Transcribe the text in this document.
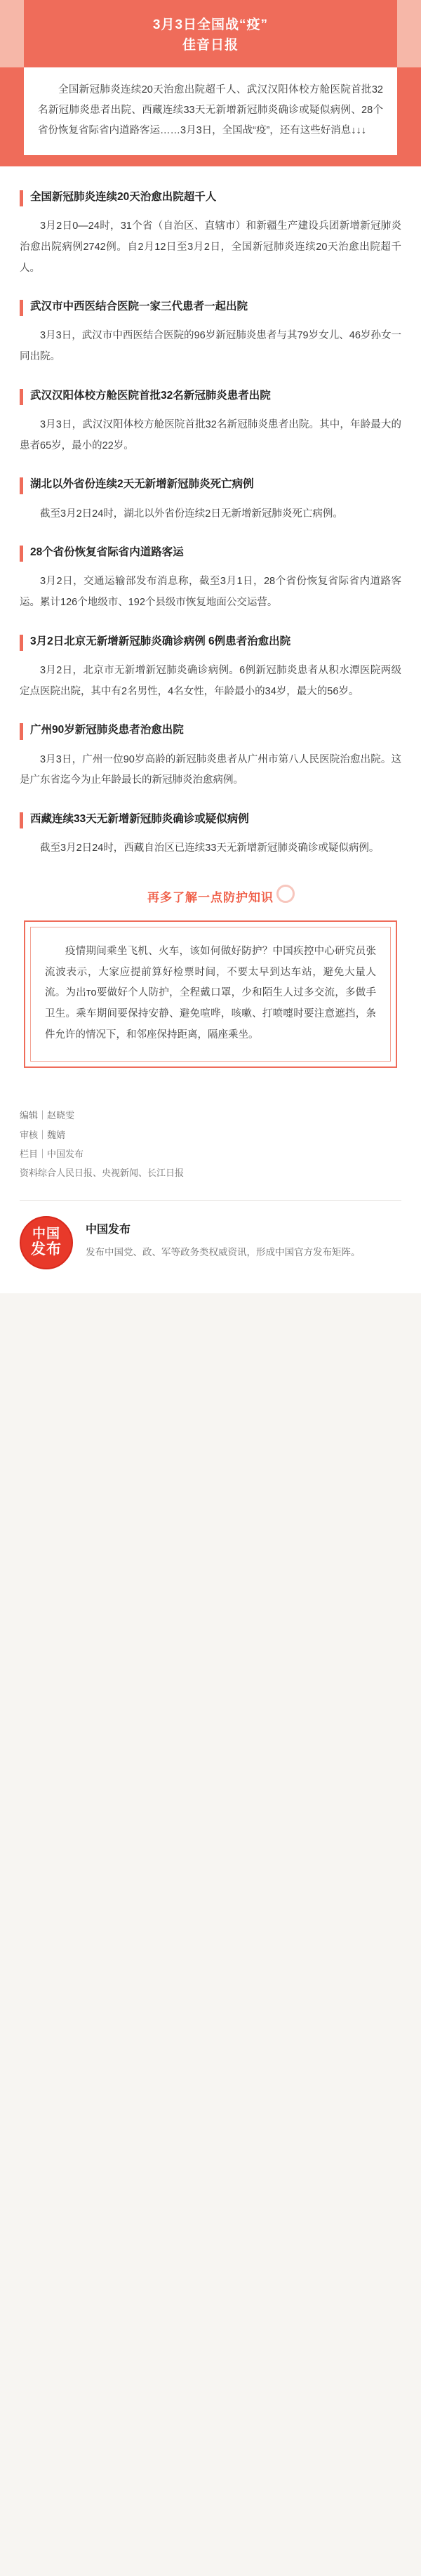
3月3日全国战“疫”
佳音日报
全国新冠肺炎连续20天治愈出院超千人、武汉汉阳体校方舱医院首批32名新冠肺炎患者出院、西藏连续33天无新增新冠肺炎确诊或疑似病例、28个省份恢复省际省内道路客运……3月3日，全国战“疫”，还有这些好消息↓↓↓
全国新冠肺炎连续20天治愈出院超千人
3月2日0—24时，31个省（自治区、直辖市）和新疆生产建设兵团新增新冠肺炎治愈出院病例2742例。自2月12日至3月2日，全国新冠肺炎连续20天治愈出院超千人。
武汉市中西医结合医院一家三代患者一起出院
3月3日，武汉市中西医结合医院的96岁新冠肺炎患者与其79岁女儿、46岁孙女一同出院。
武汉汉阳体校方舱医院首批32名新冠肺炎患者出院
3月3日，武汉汉阳体校方舱医院首批32名新冠肺炎患者出院。其中，年龄最大的患者65岁，最小的22岁。
湖北以外省份连续2天无新增新冠肺炎死亡病例
截至3月2日24时，湖北以外省份连续2日无新增新冠肺炎死亡病例。
28个省份恢复省际省内道路客运
3月2日，交通运输部发布消息称，截至3月1日，28个省份恢复省际省内道路客运。累计126个地级市、192个县级市恢复地面公交运营。
3月2日北京无新增新冠肺炎确诊病例 6例患者治愈出院
3月2日，北京市无新增新冠肺炎确诊病例。6例新冠肺炎患者从积水潭医院两级定点医院出院，其中有2名男性，4名女性，年龄最小的34岁，最大的56岁。
广州90岁新冠肺炎患者治愈出院
3月3日，广州一位90岁高龄的新冠肺炎患者从广州市第八人民医院治愈出院。这是广东省迄今为止年龄最长的新冠肺炎治愈病例。
西藏连续33天无新增新冠肺炎确诊或疑似病例
截至3月2日24时，西藏自治区已连续33天无新增新冠肺炎确诊或疑似病例。
再多了解一点防护知识
疫情期间乘坐飞机、火车，该如何做好防护？中国疾控中心研究员张流波表示，大家应提前算好检票时间，不要太早到达车站，避免大量人流。为出то要做好个人防护，全程戴口罩，少和陌生人过多交流，多做手卫生。乘车期间要保持安静、避免喧哗，咳嗽、打喷嚏时要注意遮挡，条件允许的情况下，和邻座保持距离，隔座乘坐。
编辑｜赵晓雯
审核｜魏婧
栏目｜中国发布
资料综合人民日报、央视新闻、长江日报
中国
发布
中国发布
发布中国党、政、军等政务类权威资讯，形成中国官方发布矩阵。
